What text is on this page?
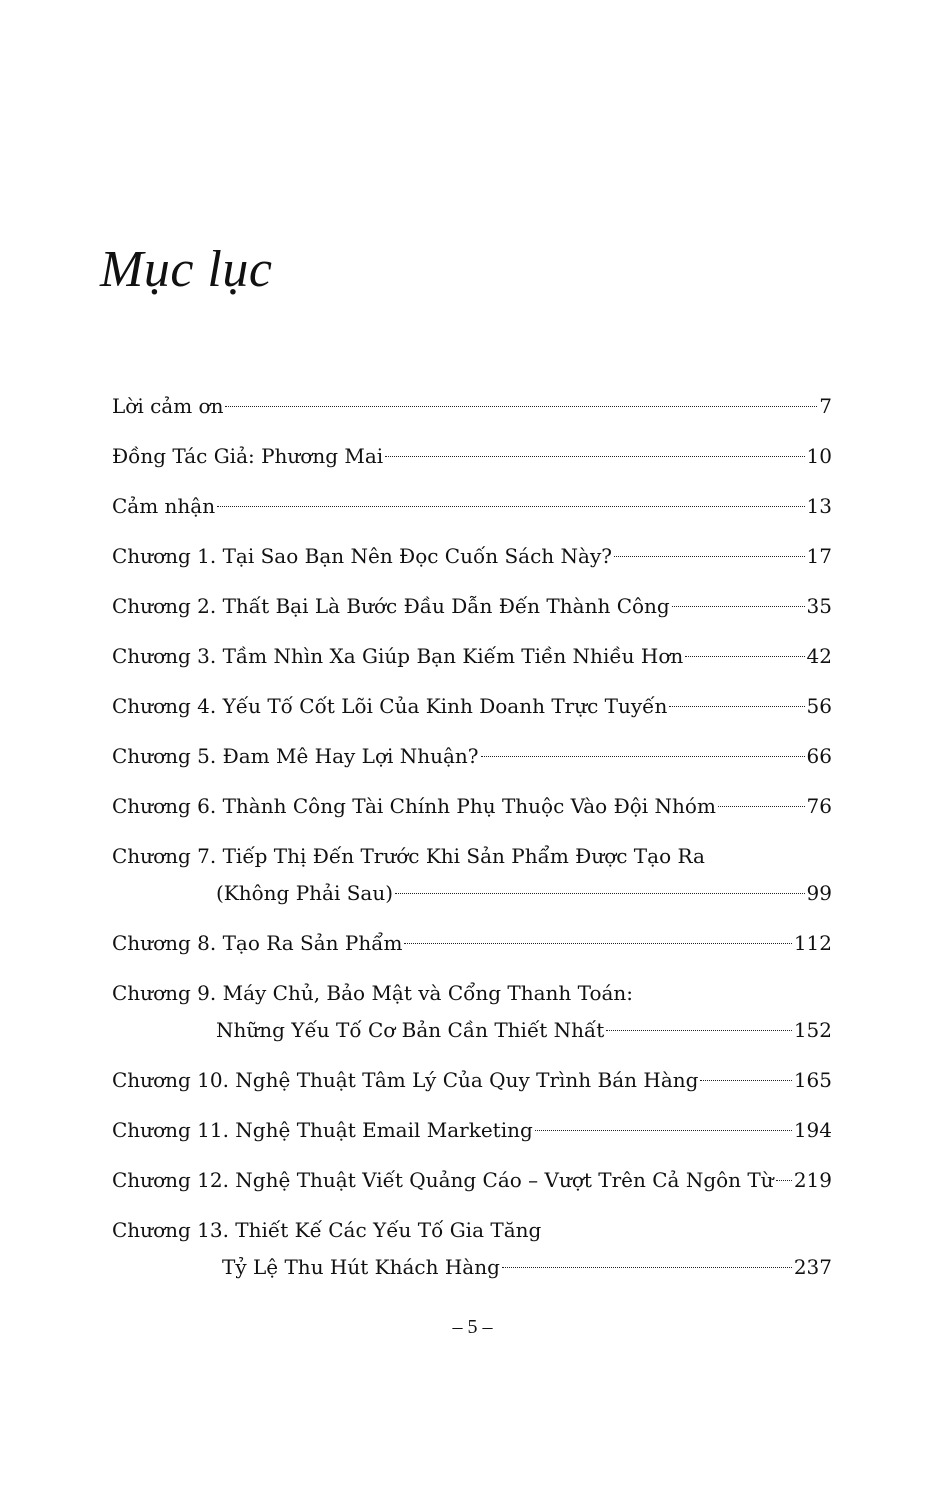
Mục lục
Lời cảm ơn	7
Đồng Tác Giả: Phương Mai	10
Cảm nhận	13
Chương 1. Tại Sao Bạn Nên Đọc Cuốn Sách Này?	17
Chương 2. Thất Bại Là Bước Đầu Dẫn Đến Thành Công	35
Chương 3. Tầm Nhìn Xa Giúp Bạn Kiếm Tiền Nhiều Hơn	42
Chương 4. Yếu Tố Cốt Lõi Của Kinh Doanh Trực Tuyến	56
Chương 5. Đam Mê Hay Lợi Nhuận?	66
Chương 6. Thành Công Tài Chính Phụ Thuộc Vào Đội Nhóm	76
Chương 7. Tiếp Thị Đến Trước Khi Sản Phẩm Được Tạo Ra
(Không Phải Sau)	99
Chương 8. Tạo Ra Sản Phẩm	112
Chương 9. Máy Chủ, Bảo Mật và Cổng Thanh Toán:
Những Yếu Tố Cơ Bản Cần Thiết Nhất	152
Chương 10. Nghệ Thuật Tâm Lý Của Quy Trình Bán Hàng	165
Chương 11. Nghệ Thuật Email Marketing	194
Chương 12. Nghệ Thuật Viết Quảng Cáo – Vượt Trên Cả Ngôn Từ 219
Chương 13. Thiết Kế Các Yếu Tố Gia Tăng
Tỷ Lệ Thu Hút Khách Hàng	237
– 5 –
